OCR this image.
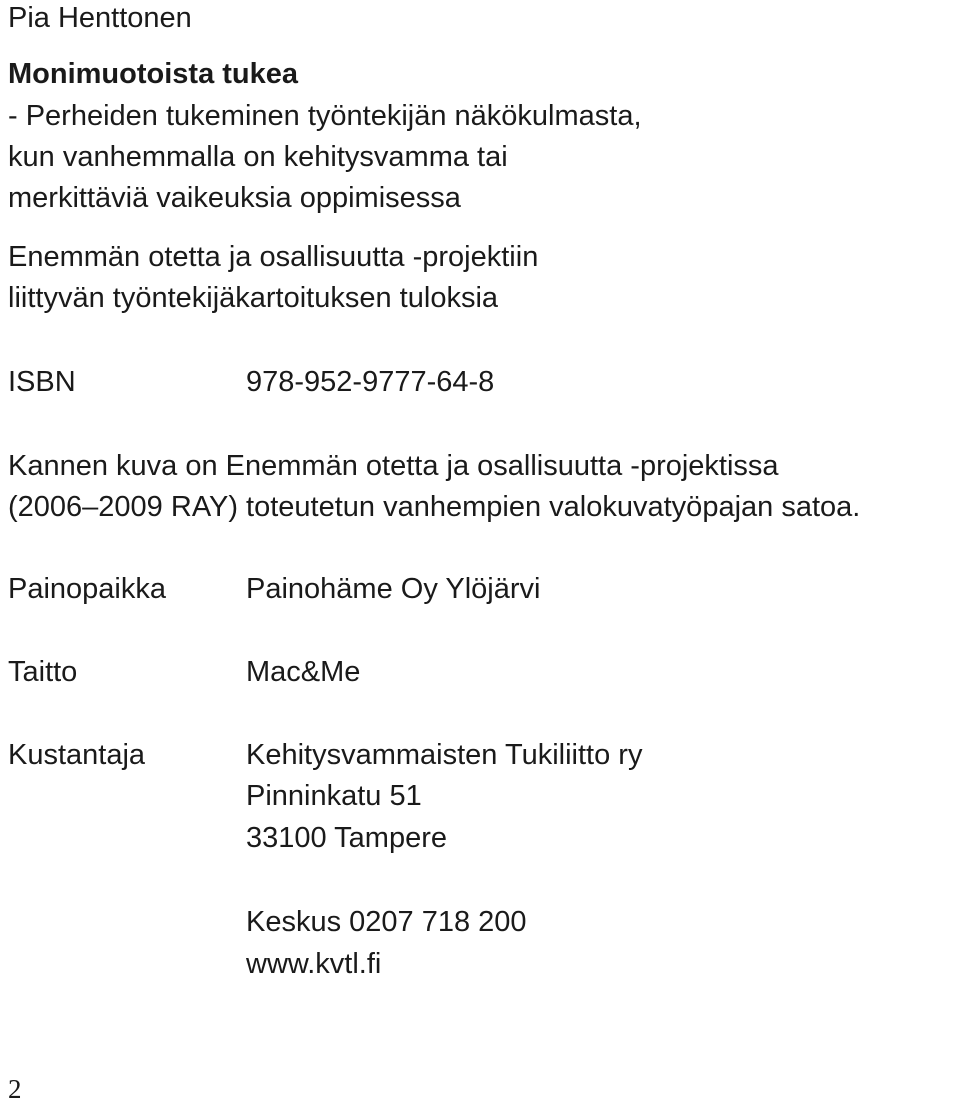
Pia Henttonen

Monimuotoista tukea

- Perheiden tukeminen työntekijän näkökulmasta,

kun vanhemmalla on kehitysvamma tai

merkittäviä vaikeuksia oppimisessa

Enemmän otetta ja osallisuutta -projektiin

liittyvän työntekijäkartoituksen tuloksia

ISBN	978-952-9777-64-8

Kannen kuva on Enemmän otetta ja osallisuutta -projektissa

(2006–2009 RAY) toteutetun vanhempien valokuvatyöpajan satoa.

Painopaikka	Painohäme Oy Ylöjärvi
Taitto	Mac&Me
Kustantaja	Kehitysvammaisten Tukiliitto ry
Pinninkatu 51
33100 Tampere
Keskus 0207 718 200
www.kvtl.fi
2
